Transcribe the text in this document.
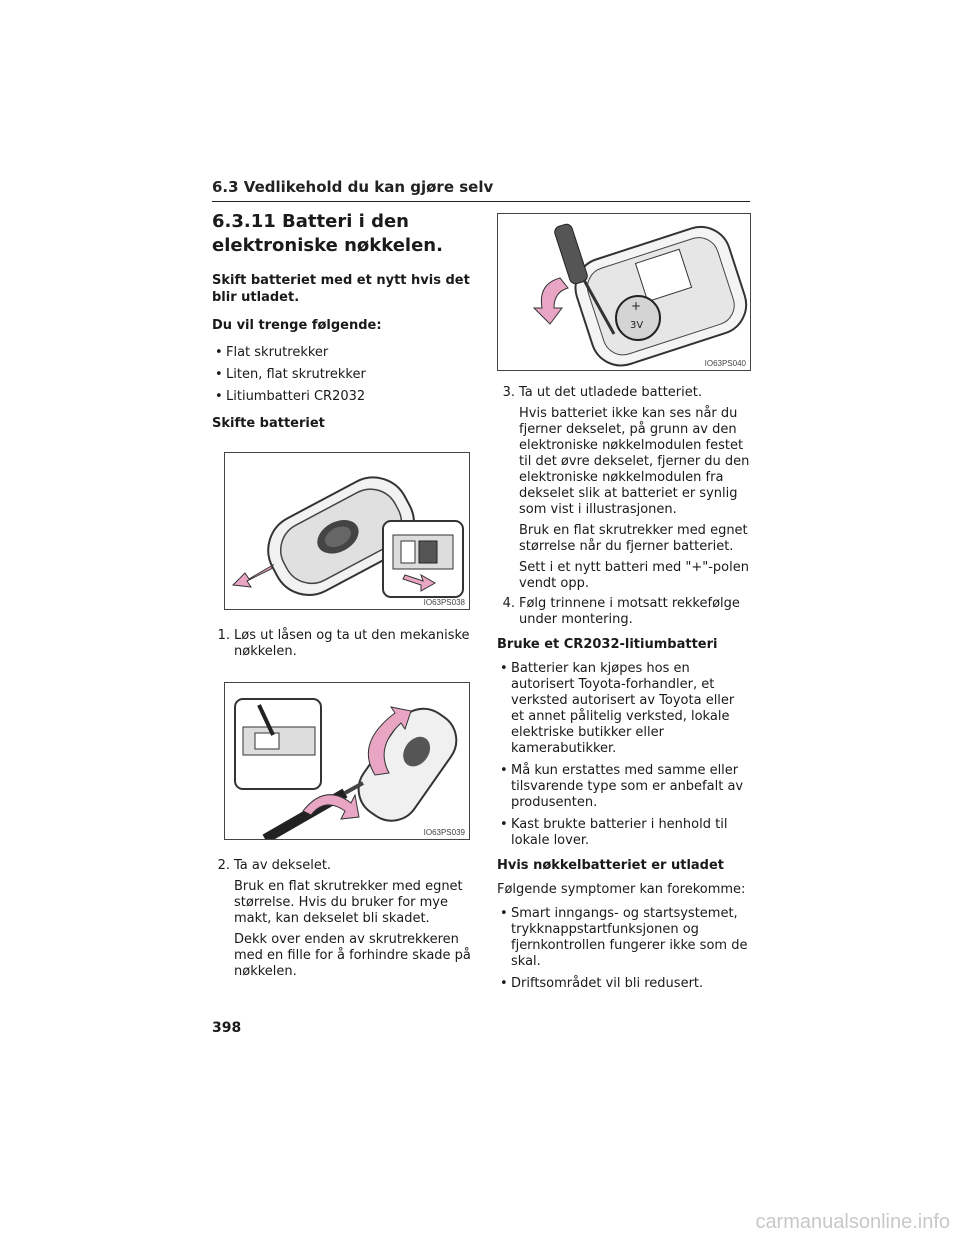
6.3 Vedlikehold du kan gjøre selv
6.3.11 Batteri i den elektroniske nøkkelen.

Skift batteriet med et nytt hvis det blir utladet.

Du vil trenge følgende:

• Flat skrutrekker
• Liten, flat skrutrekker
• Litiumbatteri CR2032

Skifte batteriet

IO63PS038
1. Løs ut låsen og ta ut den mekaniske nøkkelen.
IO63PS039
2. Ta av dekselet.
Bruk en flat skrutrekker med egnet størrelse. Hvis du bruker for mye makt, kan dekselet bli skadet.
Dekk over enden av skrutrekkeren med en fille for å forhindre skade på nøkkelen.
+
3V
IO63PS040
3. Ta ut det utladede batteriet.
Hvis batteriet ikke kan ses når du fjerner dekselet, på grunn av den elektroniske nøkkelmodulen festet til det øvre dekselet, fjerner du den elektroniske nøkkelmodulen fra dekselet slik at batteriet er synlig som vist i illustrasjonen.
Bruk en flat skrutrekker med egnet størrelse når du fjerner batteriet.
Sett i et nytt batteri med "+"-polen vendt opp.
4. Følg trinnene i motsatt rekkefølge under montering.

Bruke et CR2032-litiumbatteri

• Batterier kan kjøpes hos en autorisert Toyota-forhandler, et verksted autorisert av Toyota eller et annet pålitelig verksted, lokale elektriske butikker eller kamerabutikker.
• Må kun erstattes med samme eller tilsvarende type som er anbefalt av produsenten.
• Kast brukte batterier i henhold til lokale lover.

Hvis nøkkelbatteriet er utladet

Følgende symptomer kan forekomme:

• Smart inngangs- og startsystemet, trykknappstartfunksjonen og fjernkontrollen fungerer ikke som de skal.
• Driftsområdet vil bli redusert.
398
carmanualsonline.info
